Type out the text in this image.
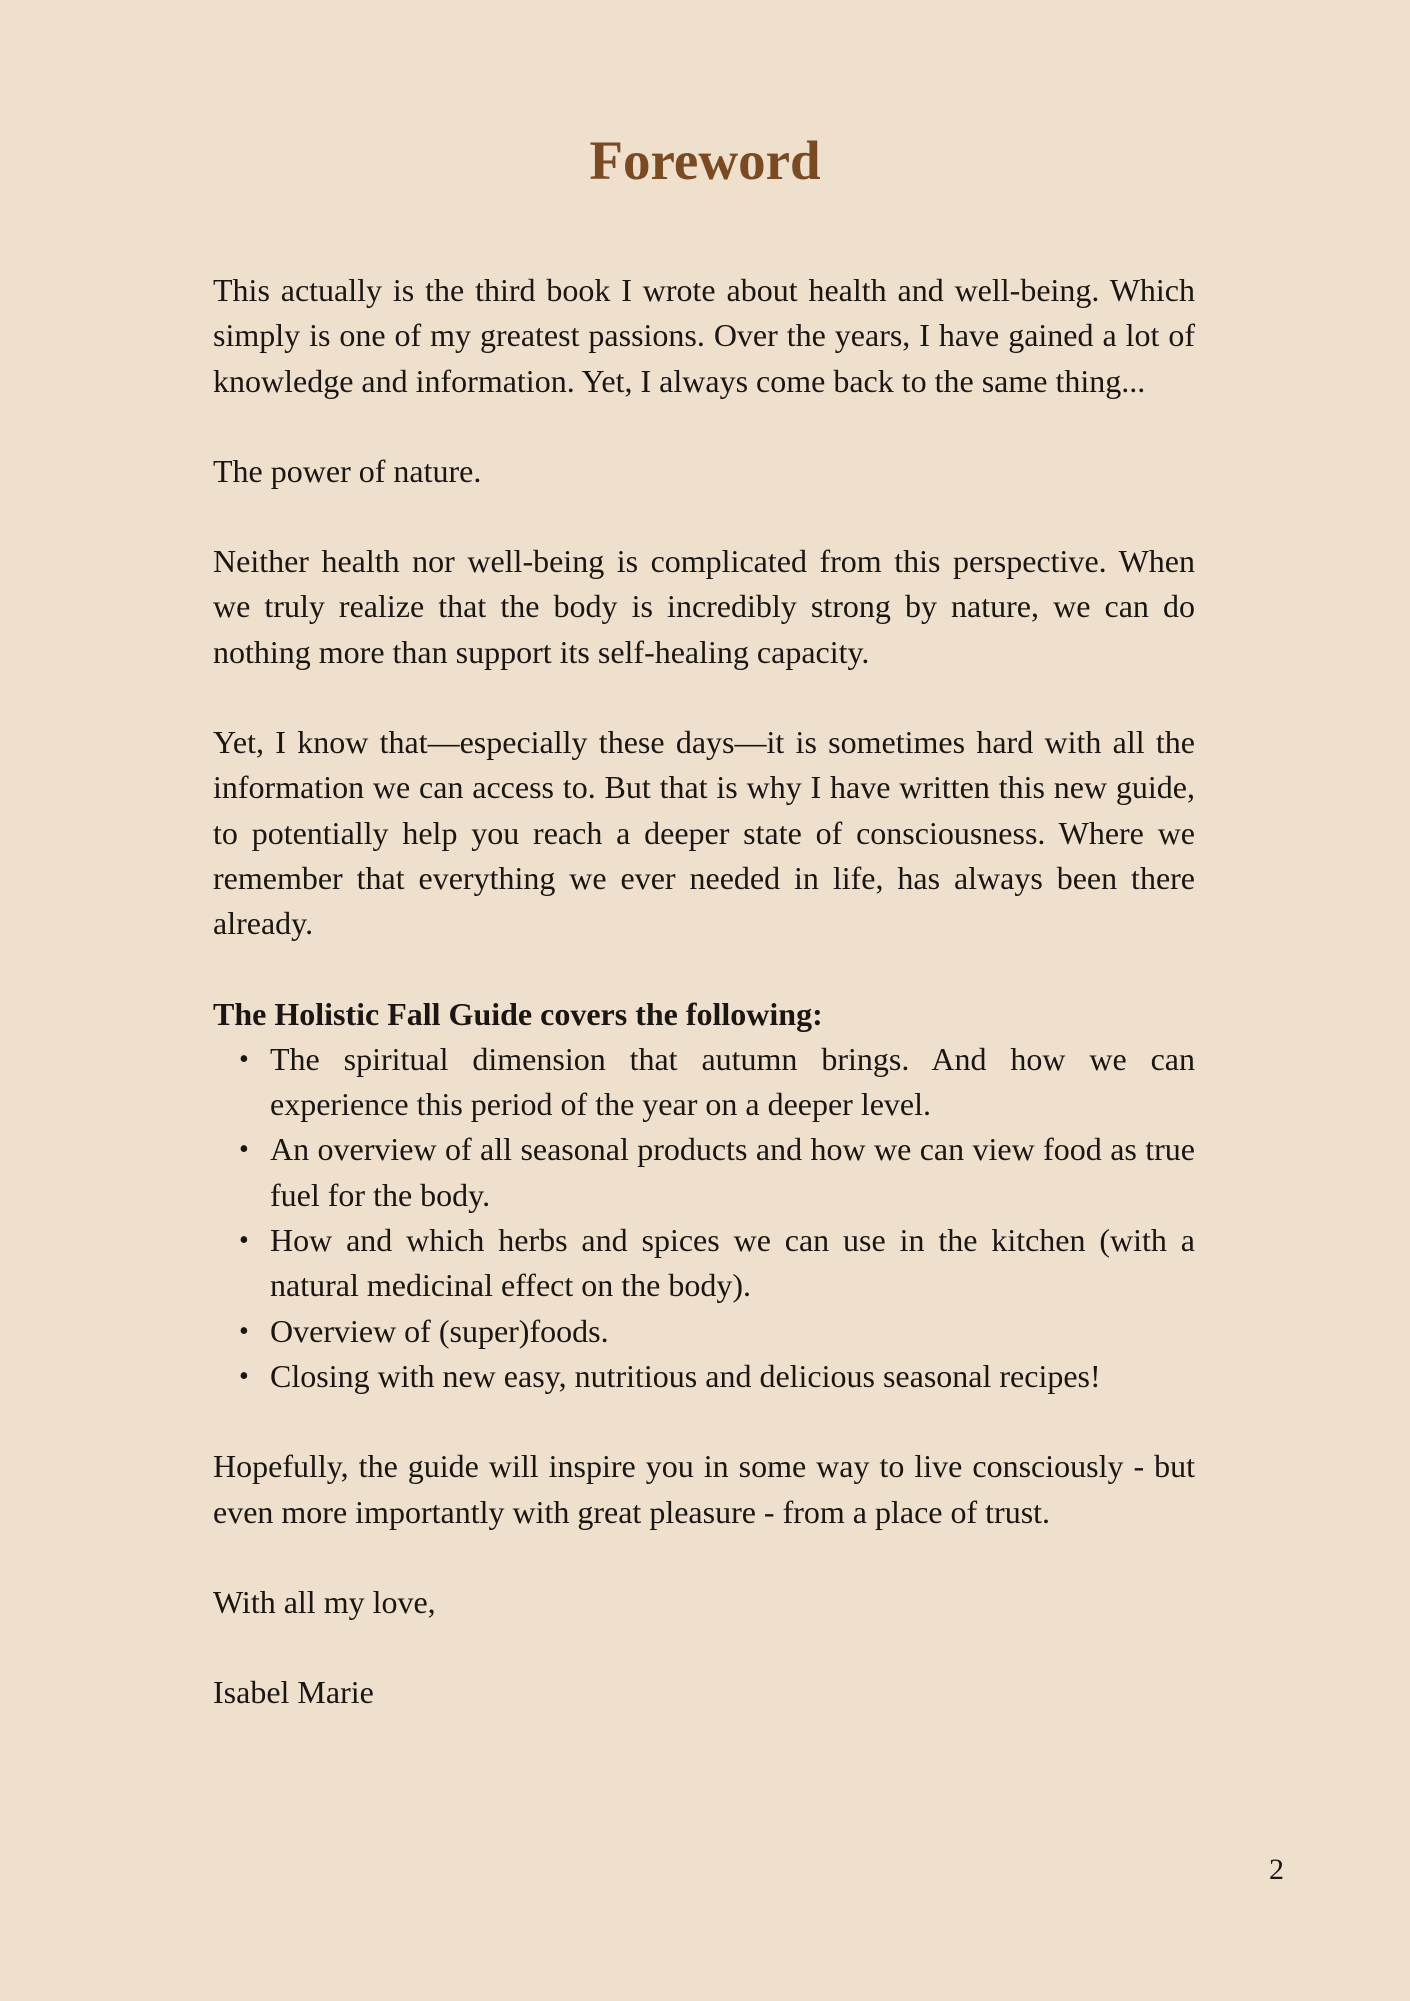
Foreword

This actually is the third book I wrote about health and well-being. Which simply is one of my greatest passions. Over the years, I have gained a lot of knowledge and information. Yet, I always come back to the same thing...

The power of nature.

Neither health nor well-being is complicated from this perspective. When we truly realize that the body is incredibly strong by nature, we can do nothing more than support its self-healing capacity.

Yet, I know that—especially these days—it is sometimes hard with all the information we can access to. But that is why I have written this new guide, to potentially help you reach a deeper state of consciousness. Where we remember that everything we ever needed in life, has always been there already.

The Holistic Fall Guide covers the following:

• The spiritual dimension that autumn brings. And how we can experience this period of the year on a deeper level.
• An overview of all seasonal products and how we can view food as true fuel for the body.
• How and which herbs and spices we can use in the kitchen (with a natural medicinal effect on the body).
• Overview of (super)foods.
• Closing with new easy, nutritious and delicious seasonal recipes!

Hopefully, the guide will inspire you in some way to live consciously - but even more importantly with great pleasure - from a place of trust.

With all my love,

Isabel Marie

2
